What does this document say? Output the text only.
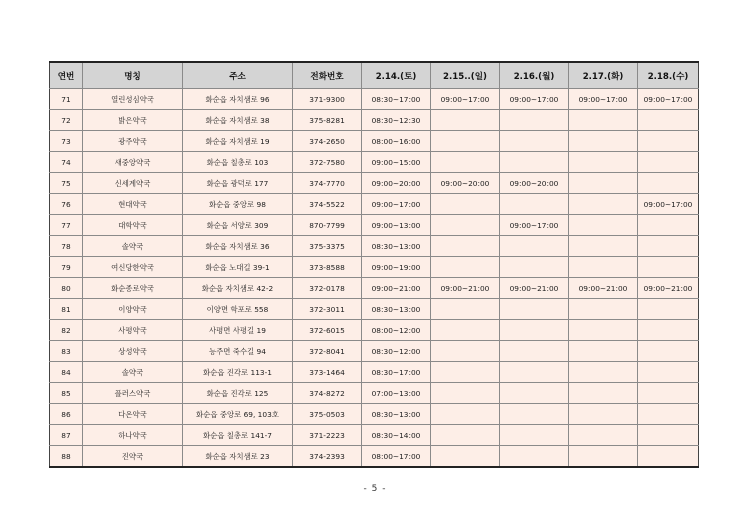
연번	명칭	주소	전화번호	2.14.(토)	2.15..(일)	2.16.(월)	2.17.(화)	2.18.(수)
71	열린성심약국	화순읍 자치샘로 96	371-9300	08:30~17:00	09:00~17:00	09:00~17:00	09:00~17:00	09:00~17:00
72	밝은약국	화순읍 자치샘로 38	375-8281	08:30~12:30				
73	광주약국	화순읍 자치샘로 19	374-2650	08:00~16:00				
74	새중앙약국	화순읍 칠총로 103	372-7580	09:00~15:00				
75	신세계약국	화순읍 광덕로 177	374-7770	09:00~20:00	09:00~20:00	09:00~20:00		
76	현대약국	화순읍 중앙로 98	374-5522	09:00~17:00				09:00~17:00
77	대학약국	화순읍 서양로 309	870-7799	09:00~13:00		09:00~17:00		
78	솔약국	화순읍 자치샘로 36	375-3375	08:30~13:00				
79	여신당한약국	화순읍 노대길 39-1	373-8588	09:00~19:00				
80	화순종로약국	화순읍 자치샘로 42-2	372-0178	09:00~21:00	09:00~21:00	09:00~21:00	09:00~21:00	09:00~21:00
81	이양약국	이양면 학포로 558	372-3011	08:30~13:00				
82	사평약국	사평면 사평길 19	372-6015	08:00~12:00				
83	상성약국	능주면 죽수길 94	372-8041	08:30~12:00				
84	솔약국	화순읍 진각로 113-1	373-1464	08:30~17:00				
85	플러스약국	화순읍 진각로 125	374-8272	07:00~13:00				
86	다온약국	화순읍 중앙로 69, 103호	375-0503	08:30~13:00				
87	하나약국	화순읍 칠총로 141-7	371-2223	08:30~14:00				
88	진약국	화순읍 자치샘로 23	374-2393	08:00~17:00				
- 5 -
